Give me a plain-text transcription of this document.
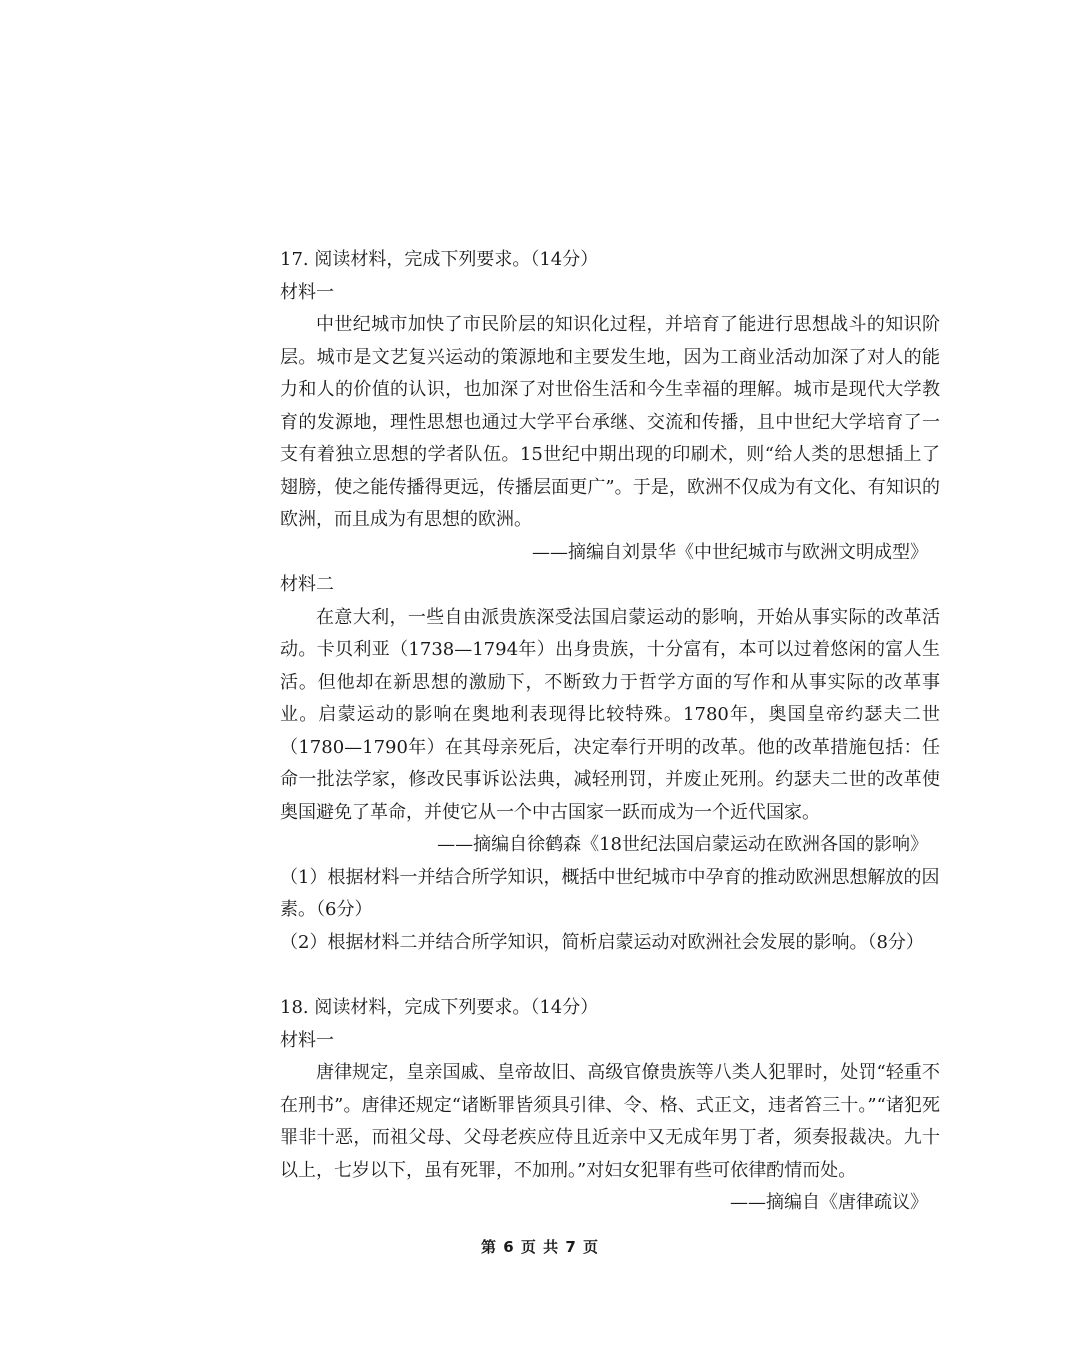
17. 阅读材料，完成下列要求。（14分）
材料一

中世纪城市加快了市民阶层的知识化过程，并培育了能进行思想战斗的知识阶层。城市是文艺复兴运动的策源地和主要发生地，因为工商业活动加深了对人的能力和人的价值的认识，也加深了对世俗生活和今生幸福的理解。城市是现代大学教育的发源地，理性思想也通过大学平台承继、交流和传播，且中世纪大学培育了一支有着独立思想的学者队伍。15世纪中期出现的印刷术，则“给人类的思想插上了翅膀，使之能传播得更远，传播层面更广”。于是，欧洲不仅成为有文化、有知识的欧洲，而且成为有思想的欧洲。

——摘编自刘景华《中世纪城市与欧洲文明成型》
材料二

在意大利，一些自由派贵族深受法国启蒙运动的影响，开始从事实际的改革活动。卡贝利亚（1738—1794年）出身贵族，十分富有，本可以过着悠闲的富人生活。但他却在新思想的激励下，不断致力于哲学方面的写作和从事实际的改革事业。启蒙运动的影响在奥地利表现得比较特殊。1780年，奥国皇帝约瑟夫二世（1780—1790年）在其母亲死后，决定奉行开明的改革。他的改革措施包括：任命一批法学家，修改民事诉讼法典，减轻刑罚，并废止死刑。约瑟夫二世的改革使奥国避免了革命，并使它从一个中古国家一跃而成为一个近代国家。

——摘编自徐鹤森《18世纪法国启蒙运动在欧洲各国的影响》

（1）根据材料一并结合所学知识，概括中世纪城市中孕育的推动欧洲思想解放的因素。（6分）

（2）根据材料二并结合所学知识，简析启蒙运动对欧洲社会发展的影响。（8分）

18. 阅读材料，完成下列要求。（14分）
材料一

唐律规定，皇亲国戚、皇帝故旧、高级官僚贵族等八类人犯罪时，处罚“轻重不在刑书”。唐律还规定“诸断罪皆须具引律、令、格、式正文，违者笞三十。”“诸犯死罪非十恶，而祖父母、父母老疾应侍且近亲中又无成年男丁者，须奏报裁决。九十以上，七岁以下，虽有死罪，不加刑。”对妇女犯罪有些可依律酌情而处。

——摘编自《唐律疏议》
第 6 页 共 7 页
